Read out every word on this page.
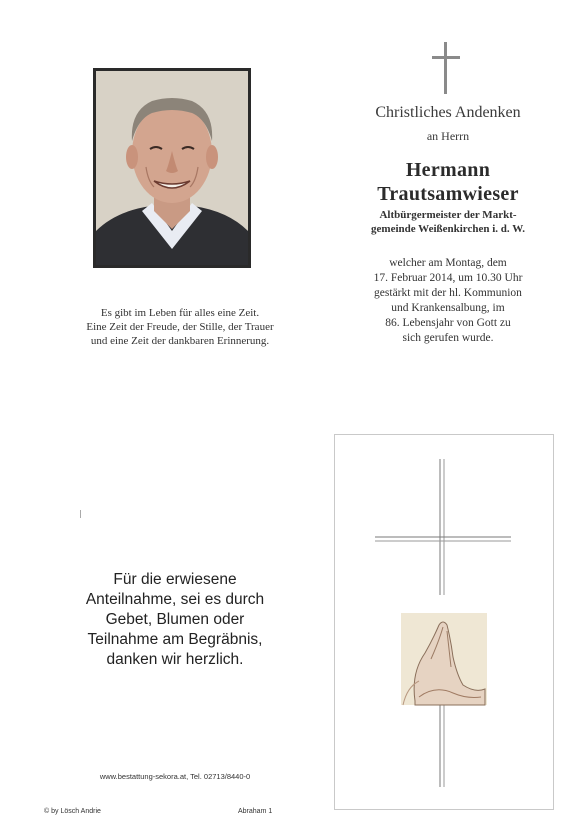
Es gibt im Leben für alles eine Zeit.
Eine Zeit der Freude, der Stille, der Trauer
und eine Zeit der dankbaren Erinnerung.
Christliches Andenken
an Herrn
Hermann
Trautsamwieser
Altbürgermeister der Markt-
gemeinde Weißenkirchen i. d. W.
welcher am Montag, dem
17. Februar 2014, um 10.30 Uhr
gestärkt mit der hl. Kommunion
und Krankensalbung, im
86. Lebensjahr von Gott zu
sich gerufen wurde.
Für die erwiesene
Anteilnahme, sei es durch
Gebet, Blumen oder
Teilnahme am Begräbnis,
danken wir herzlich.
www.bestattung-sekora.at, Tel. 02713/8440-0
© by Lösch Andrie	Abraham 1
